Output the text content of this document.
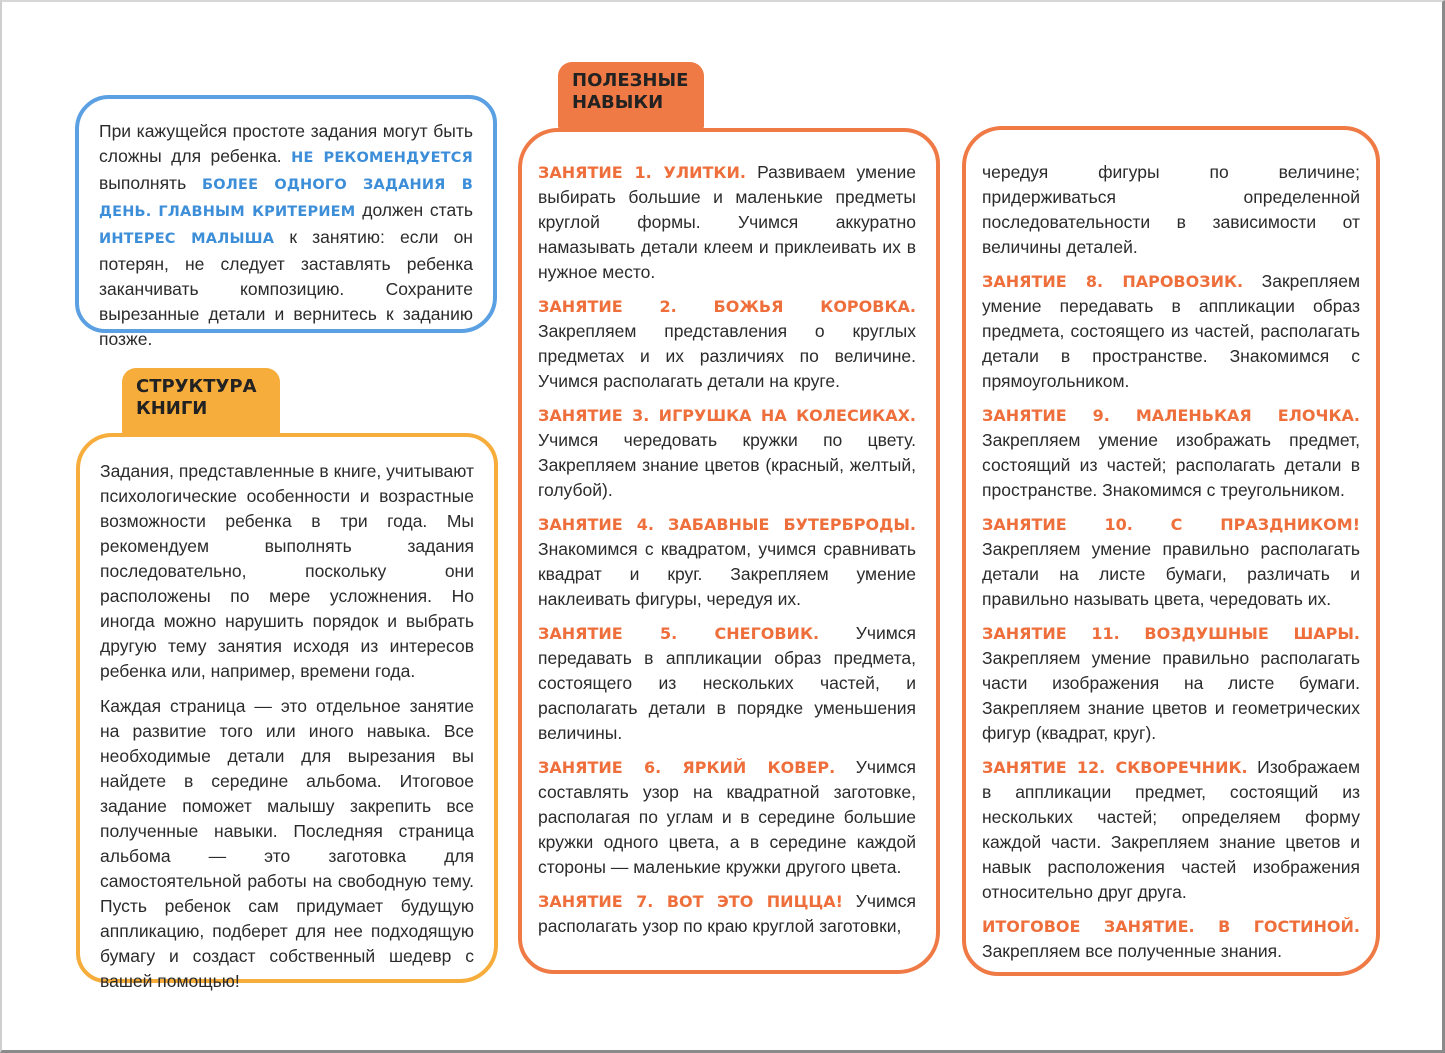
При кажущейся простоте задания могут быть сложны для ребенка. НЕ РЕКОМЕНДУЕТСЯ выполнять БОЛЕЕ ОДНОГО ЗАДАНИЯ В ДЕНЬ. ГЛАВНЫМ КРИТЕРИЕМ должен стать ИНТЕРЕС МАЛЫША к занятию: если он потерян, не следует заставлять ребенка заканчивать композицию. Сохраните вырезанные детали и вернитесь к заданию позже.

СТРУКТУРА
КНИГИ

Задания, представленные в книге, учитывают психологические особенности и возрастные возможности ребенка в три года. Мы рекомендуем выполнять задания последовательно, поскольку они расположены по мере усложнения. Но иногда можно нарушить порядок и выбрать другую тему занятия исходя из интересов ребенка или, например, времени года.

Каждая страница — это отдельное занятие на развитие того или иного навыка. Все необходимые детали для вырезания вы найдете в середине альбома. Итоговое задание поможет малышу закрепить все полученные навыки. Последняя страница альбома — это заготовка для самостоятельной работы на свободную тему. Пусть ребенок сам придумает будущую аппликацию, подберет для нее подходящую бумагу и создаст собственный шедевр с вашей помощью!

ПОЛЕЗНЫЕ
НАВЫКИ

ЗАНЯТИЕ 1. УЛИТКИ. Развиваем умение выбирать большие и маленькие предметы круглой формы. Учимся аккуратно намазывать детали клеем и приклеивать их в нужное место.

ЗАНЯТИЕ 2. БОЖЬЯ КОРОВКА. Закрепляем представления о круглых предметах и их различиях по величине. Учимся располагать детали на круге.

ЗАНЯТИЕ 3. ИГРУШКА НА КОЛЕСИКАХ. Учимся чередовать кружки по цвету. Закрепляем знание цветов (красный, желтый, голубой).

ЗАНЯТИЕ 4. ЗАБАВНЫЕ БУТЕРБРОДЫ. Знакомимся с квадратом, учимся сравнивать квадрат и круг. Закрепляем умение наклеивать фигуры, чередуя их.

ЗАНЯТИЕ 5. СНЕГОВИК. Учимся передавать в аппликации образ предмета, состоящего из нескольких частей, и располагать детали в порядке уменьшения величины.

ЗАНЯТИЕ 6. ЯРКИЙ КОВЕР. Учимся составлять узор на квадратной заготовке, располагая по углам и в середине большие кружки одного цвета, а в середине каждой стороны — маленькие кружки другого цвета.

ЗАНЯТИЕ 7. ВОТ ЭТО ПИЦЦА! Учимся располагать узор по краю круглой заготовки,

чередуя фигуры по величине; придерживаться определенной последовательности в зависимости от величины деталей.

ЗАНЯТИЕ 8. ПАРОВОЗИК. Закрепляем умение передавать в аппликации образ предмета, состоящего из частей, располагать детали в пространстве. Знакомимся с прямоугольником.

ЗАНЯТИЕ 9. МАЛЕНЬКАЯ ЕЛОЧКА. Закрепляем умение изображать предмет, состоящий из частей; располагать детали в пространстве. Знакомимся с треугольником.

ЗАНЯТИЕ 10. С ПРАЗДНИКОМ! Закрепляем умение правильно располагать детали на листе бумаги, различать и правильно называть цвета, чередовать их.

ЗАНЯТИЕ 11. ВОЗДУШНЫЕ ШАРЫ. Закрепляем умение правильно располагать части изображения на листе бумаги. Закрепляем знание цветов и геометрических фигур (квадрат, круг).

ЗАНЯТИЕ 12. СКВОРЕЧНИК. Изображаем в аппликации предмет, состоящий из нескольких частей; определяем форму каждой части. Закрепляем знание цветов и навык расположения частей изображения относительно друг друга.

ИТОГОВОЕ ЗАНЯТИЕ. В ГОСТИНОЙ. Закрепляем все полученные знания.
